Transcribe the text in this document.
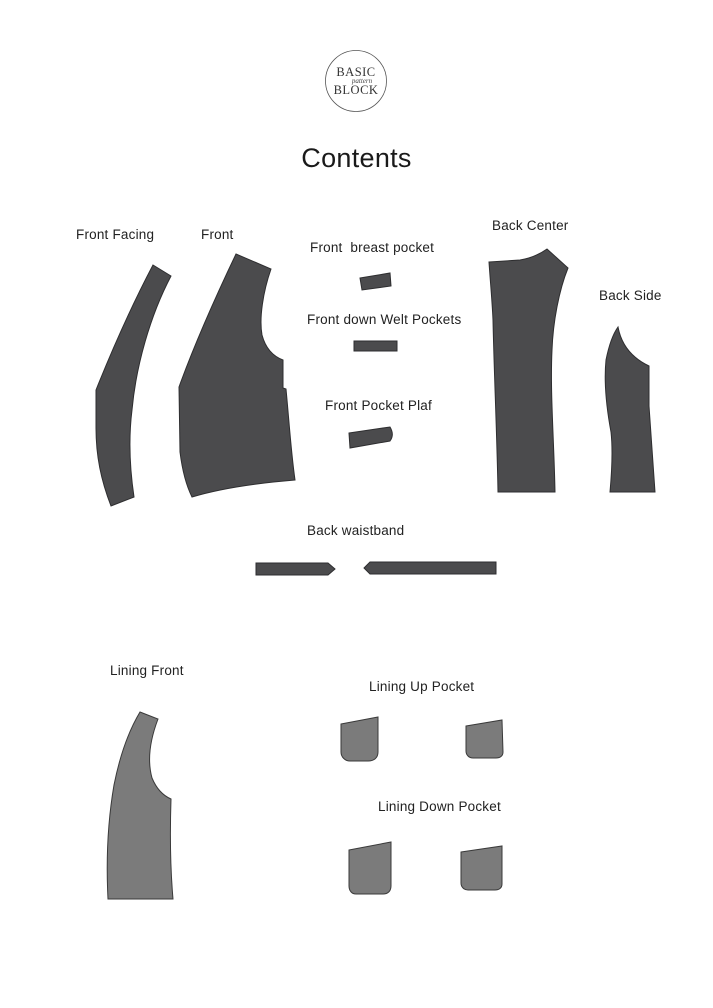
BASIC
pattern
BLOCK
Contents
Front Facing	Front
Front  breast pocket
Front down Welt Pockets
Front Pocket Plaf
Back Center
Back Side
Back waistband
Lining Front
Lining Up Pocket
Lining Down Pocket
